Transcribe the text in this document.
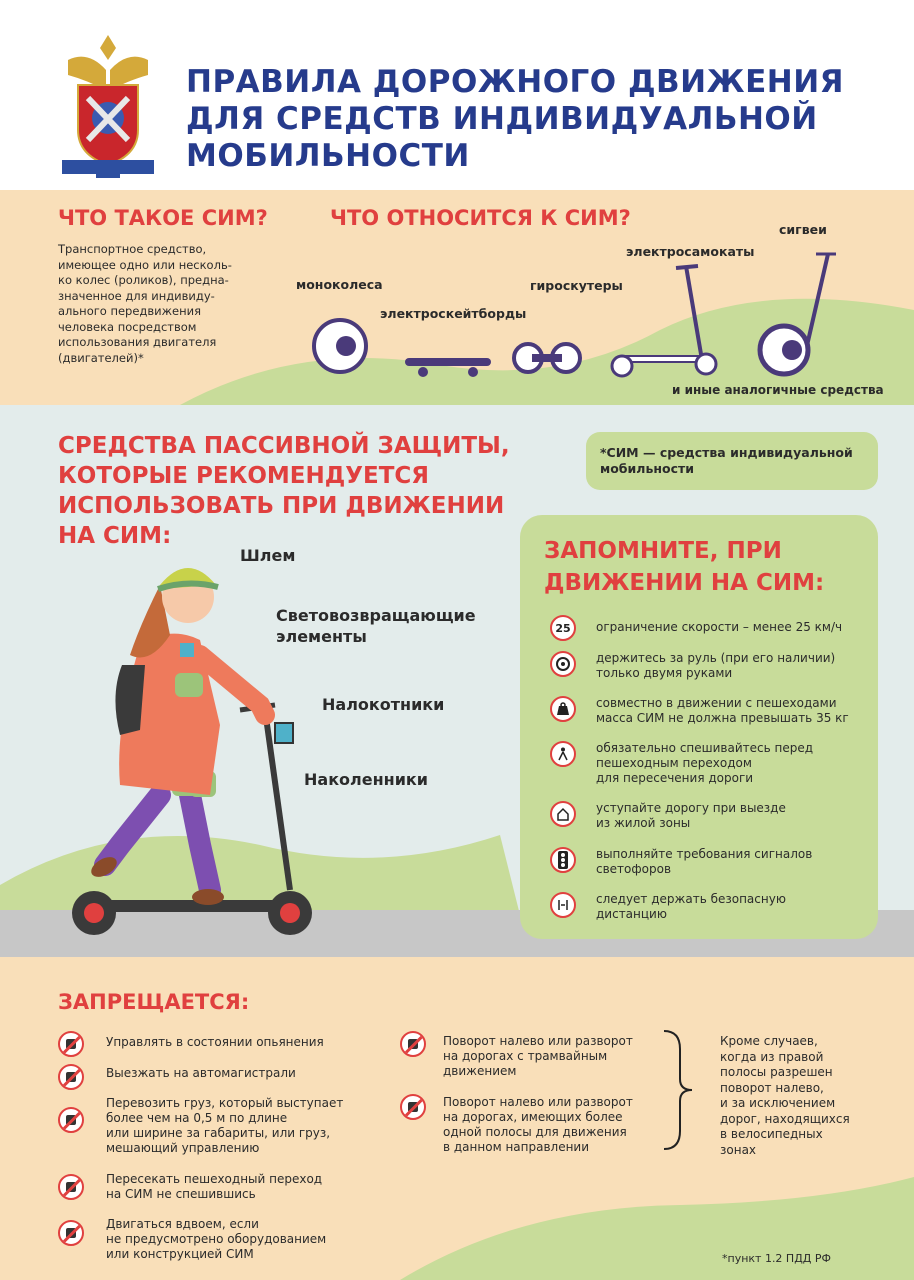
ПРАВИЛА ДОРОЖНОГО ДВИЖЕНИЯ
ДЛЯ СРЕДСТВ ИНДИВИДУАЛЬНОЙ
МОБИЛЬНОСТИ
ЧТО ТАКОЕ СИМ?
Транспортное средство,
имеющее одно или несколь-
ко колес (роликов), предна-
значенное для индивиду-
ального передвижения
человека посредством
использования двигателя
(двигателей)*
ЧТО ОТНОСИТСЯ К СИМ?
моноколеса
электроскейтборды
гироскутеры
электросамокаты
сигвеи
и иные аналогичные средства
СРЕДСТВА ПАССИВНОЙ ЗАЩИТЫ,
КОТОРЫЕ РЕКОМЕНДУЕТСЯ
ИСПОЛЬЗОВАТЬ ПРИ ДВИЖЕНИИ
НА СИМ:
Шлем
Световозвращающие
элементы
Налокотники
Наколенники
*СИМ — средства индивидуальной
мобильности
ЗАПОМНИТЕ, ПРИ
ДВИЖЕНИИ НА СИМ:
25	ограничение скорости – менее 25 км/ч
держитесь за руль (при его наличии)
только двумя руками
совместно в движении с пешеходами
масса СИМ не должна превышать 35 кг
обязательно спешивайтесь перед
пешеходным переходом
для пересечения дороги
уступайте дорогу при выезде
из жилой зоны
выполняйте требования сигналов
светофоров
следует держать безопасную
дистанцию
ЗАПРЕЩАЕТСЯ:
Управлять в состоянии опьянения
Выезжать на автомагистрали
Перевозить груз, который выступает
более чем на 0,5 м по длине
или ширине за габариты, или груз,
мешающий управлению
Пересекать пешеходный переход
на СИМ не спешившись
Двигаться вдвоем, если
не предусмотрено оборудованием
или конструкцией СИМ
Поворот налево или разворот
на дорогах с трамвайным
движением
Поворот налево или разворот
на дорогах, имеющих более
одной полосы для движения
в данном направлении
Кроме случаев,
когда из правой
полосы разрешен
поворот налево,
и за исключением
дорог, находящихся
в велосипедных
зонах
*пункт 1.2 ПДД РФ
